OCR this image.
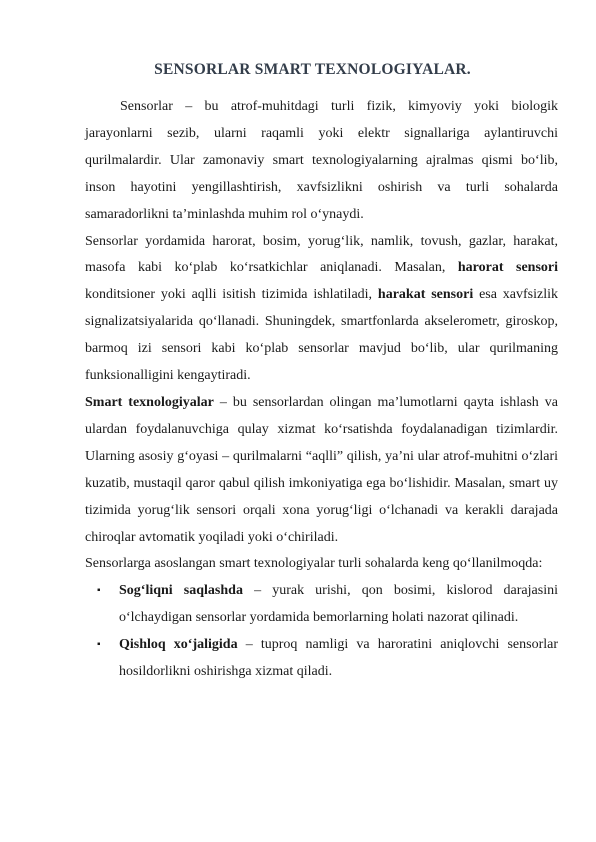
SENSORLAR SMART TEXNOLOGIYALAR.

Sensorlar – bu atrof-muhitdagi turli fizik, kimyoviy yoki biologik jarayonlarni sezib, ularni raqamli yoki elektr signallariga aylantiruvchi qurilmalardir. Ular zamonaviy smart texnologiyalarning ajralmas qismi boʻlib, inson hayotini yengillashtirish, xavfsizlikni oshirish va turli sohalarda samaradorlikni taʼminlashda muhim rol oʻynaydi.

Sensorlar yordamida harorat, bosim, yorugʻlik, namlik, tovush, gazlar, harakat, masofa kabi koʻplab koʻrsatkichlar aniqlanadi. Masalan, harorat sensori konditsioner yoki aqlli isitish tizimida ishlatiladi, harakat sensori esa xavfsizlik signalizatsiyalarida qoʻllanadi. Shuningdek, smartfonlarda akselerometr, giroskop, barmoq izi sensori kabi koʻplab sensorlar mavjud boʻlib, ular qurilmaning funksionalligini kengaytiradi.

Smart texnologiyalar – bu sensorlardan olingan maʼlumotlarni qayta ishlash va ulardan foydalanuvchiga qulay xizmat koʻrsatishda foydalanadigan tizimlardir. Ularning asosiy gʻoyasi – qurilmalarni “aqlli” qilish, yaʼni ular atrof-muhitni oʻzlari kuzatib, mustaqil qaror qabul qilish imkoniyatiga ega boʻlishidir. Masalan, smart uy tizimida yorugʻlik sensori orqali xona yorugʻligi oʻlchanadi va kerakli darajada chiroqlar avtomatik yoqiladi yoki oʻchiriladi.

Sensorlarga asoslangan smart texnologiyalar turli sohalarda keng qoʻllanilmoqda:

▪ Sogʻliqni saqlashda – yurak urishi, qon bosimi, kislorod darajasini oʻlchaydigan sensorlar yordamida bemorlarning holati nazorat qilinadi.
▪ Qishloq xoʻjaligida – tuproq namligi va haroratini aniqlovchi sensorlar hosildorlikni oshirishga xizmat qiladi.
